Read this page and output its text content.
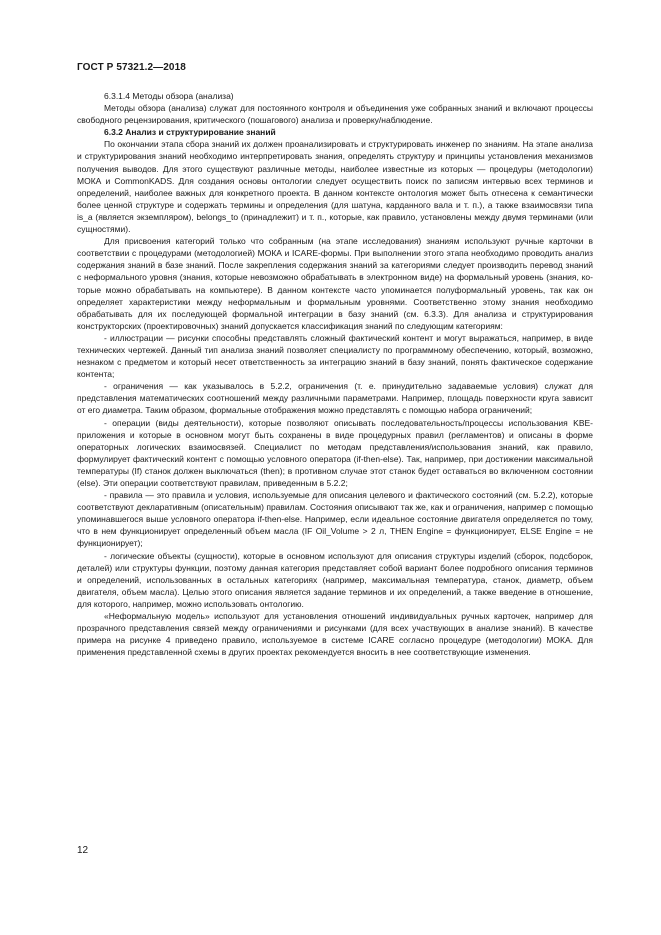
ГОСТ Р 57321.2—2018

6.3.1.4 Методы обзора (анализа)

Методы обзора (анализа) служат для постоянного контроля и объединения уже собранных знаний и включают процессы свободного рецензирования, критического (пошагового) анализа и проверку/наблюдение.

6.3.2 Анализ и структурирование знаний

По окончании этапа сбора знаний их должен проанализировать и структурировать инженер по знаниям. На этапе анализа и структурирования знаний необходимо интерпретировать знания, определять структуру и принципы установления механизмов получения выводов. Для этого существуют различные методы, наиболее известные из которых — процедуры (методологии) МОКА и CommonKADS. Для создания основы онтологии следует осуществить поиск по записям интервью всех терминов и определений, наиболее важных для конкретного проекта. В данном контексте онтология может быть отнесена к семантически более ценной структуре и содержать термины и определения (для шатуна, карданного вала и т. п.), а также взаимосвязи типа is_a (является экземпляром), belongs_to (принадлежит) и т. п., которые, как правило, установлены между двумя терминами (или сущностями).

Для присвоения категорий только что собранным (на этапе исследования) знаниям используют ручные карточки в соответствии с процедурами (методологией) МОКА и ICARE-формы. При выполнении этого этапа необходимо проводить анализ содержания знаний в базе знаний. После закрепления содержания знаний за категориями следует производить перевод знаний с неформального уровня (знания, которые невозможно обрабатывать в электронном виде) на формальный уровень (знания, которые можно обрабатывать на компьютере). В данном контексте часто упоминается полуформальный уровень, так как он определяет характеристики между неформальным и формальным уровнями. Соответственно этому знания необходимо обрабатывать для их последующей формальной интеграции в базу знаний (см. 6.3.3). Для анализа и структурирования конструкторских (проектировочных) знаний допускается классификация знаний по следующим категориям:

- иллюстрации — рисунки способны представлять сложный фактический контент и могут выражаться, например, в виде технических чертежей. Данный тип анализа знаний позволяет специалисту по программному обеспечению, который, возможно, незнаком с предметом и который несет ответственность за интеграцию знаний в базу знаний, понять фактическое содержание контента;

- ограничения — как указывалось в 5.2.2, ограничения (т. е. принудительно задаваемые условия) служат для представления математических соотношений между различными параметрами. Например, площадь поверхности круга зависит от его диаметра. Таким образом, формальные отображения можно представлять с помощью набора ограничений;

- операции (виды деятельности), которые позволяют описывать последовательность/процессы использования KBE-приложения и которые в основном могут быть сохранены в виде процедурных правил (регламентов) и описаны в форме операторных логических взаимосвязей. Специалист по методам представления/использования знаний, как правило, формулирует фактический контент с помощью условного оператора (if-then-else). Так, например, при достижении максимальной температуры (If) станок должен выключаться (then); в противном случае этот станок будет оставаться во включенном состоянии (else). Эти операции соответствуют правилам, приведенным в 5.2.2;

- правила — это правила и условия, используемые для описания целевого и фактического состояний (см. 5.2.2), которые соответствуют декларативным (описательным) правилам. Состояния описывают так же, как и ограничения, например с помощью упоминавшегося выше условного оператора if-then-else. Например, если идеальное состояние двигателя определяется по тому, что в нем функционирует определенный объем масла (IF Oil_Volume > 2 л, THEN Engine = функционирует, ELSE Engine = не функционирует);

- логические объекты (сущности), которые в основном используют для описания структуры изделий (сборок, подсборок, деталей) или структуры функции, поэтому данная категория представляет собой вариант более подробного описания терминов и определений, использованных в остальных категориях (например, максимальная температура, станок, диаметр, объем двигателя, объем масла). Целью этого описания является задание терминов и их определений, а также введение в отношение, для которого, например, можно использовать онтологию.

«Неформальную модель» используют для установления отношений индивидуальных ручных карточек, например для прозрачного представления связей между ограничениями и рисунками (для всех участвующих в анализе знаний). В качестве примера на рисунке 4 приведено правило, используемое в системе ICARE согласно процедуре (методологии) МОКА. Для применения представленной схемы в других проектах рекомендуется вносить в нее соответствующие изменения.

12
